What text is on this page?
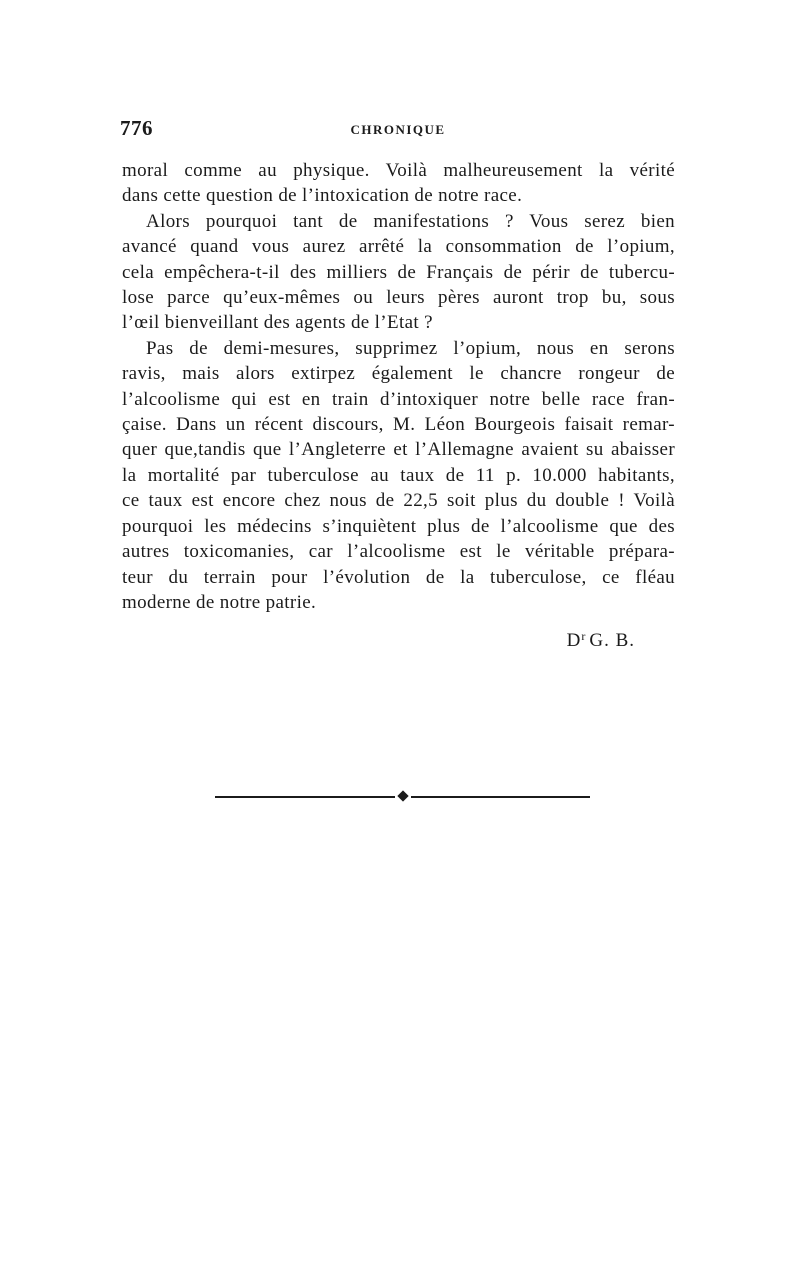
776	CHRONIQUE
moral comme au physique. Voilà malheureusement la vérité
dans cette question de l’intoxication de notre race.
Alors pourquoi tant de manifestations ? Vous serez bien
avancé quand vous aurez arrêté la consommation de l’opium,
cela empêchera-t-il des milliers de Français de périr de tubercu-
lose parce qu’eux-mêmes ou leurs pères auront trop bu, sous
l’œil bienveillant des agents de l’Etat ?
Pas de demi-mesures, supprimez l’opium, nous en serons
ravis, mais alors extirpez également le chancre rongeur de
l’alcoolisme qui est en train d’intoxiquer notre belle race fran-
çaise. Dans un récent discours, M. Léon Bourgeois faisait remar-
quer que,tandis que l’Angleterre et l’Allemagne avaient su abaisser
la mortalité par tuberculose au taux de 11 p. 10.000 habitants,
ce taux est encore chez nous de 22,5 soit plus du double ! Voilà
pourquoi les médecins s’inquiètent plus de l’alcoolisme que des
autres toxicomanies, car l’alcoolisme est le véritable prépara-
teur du terrain pour l’évolution de la tuberculose, ce fléau
moderne de notre patrie.
$D^r$ G. B.
